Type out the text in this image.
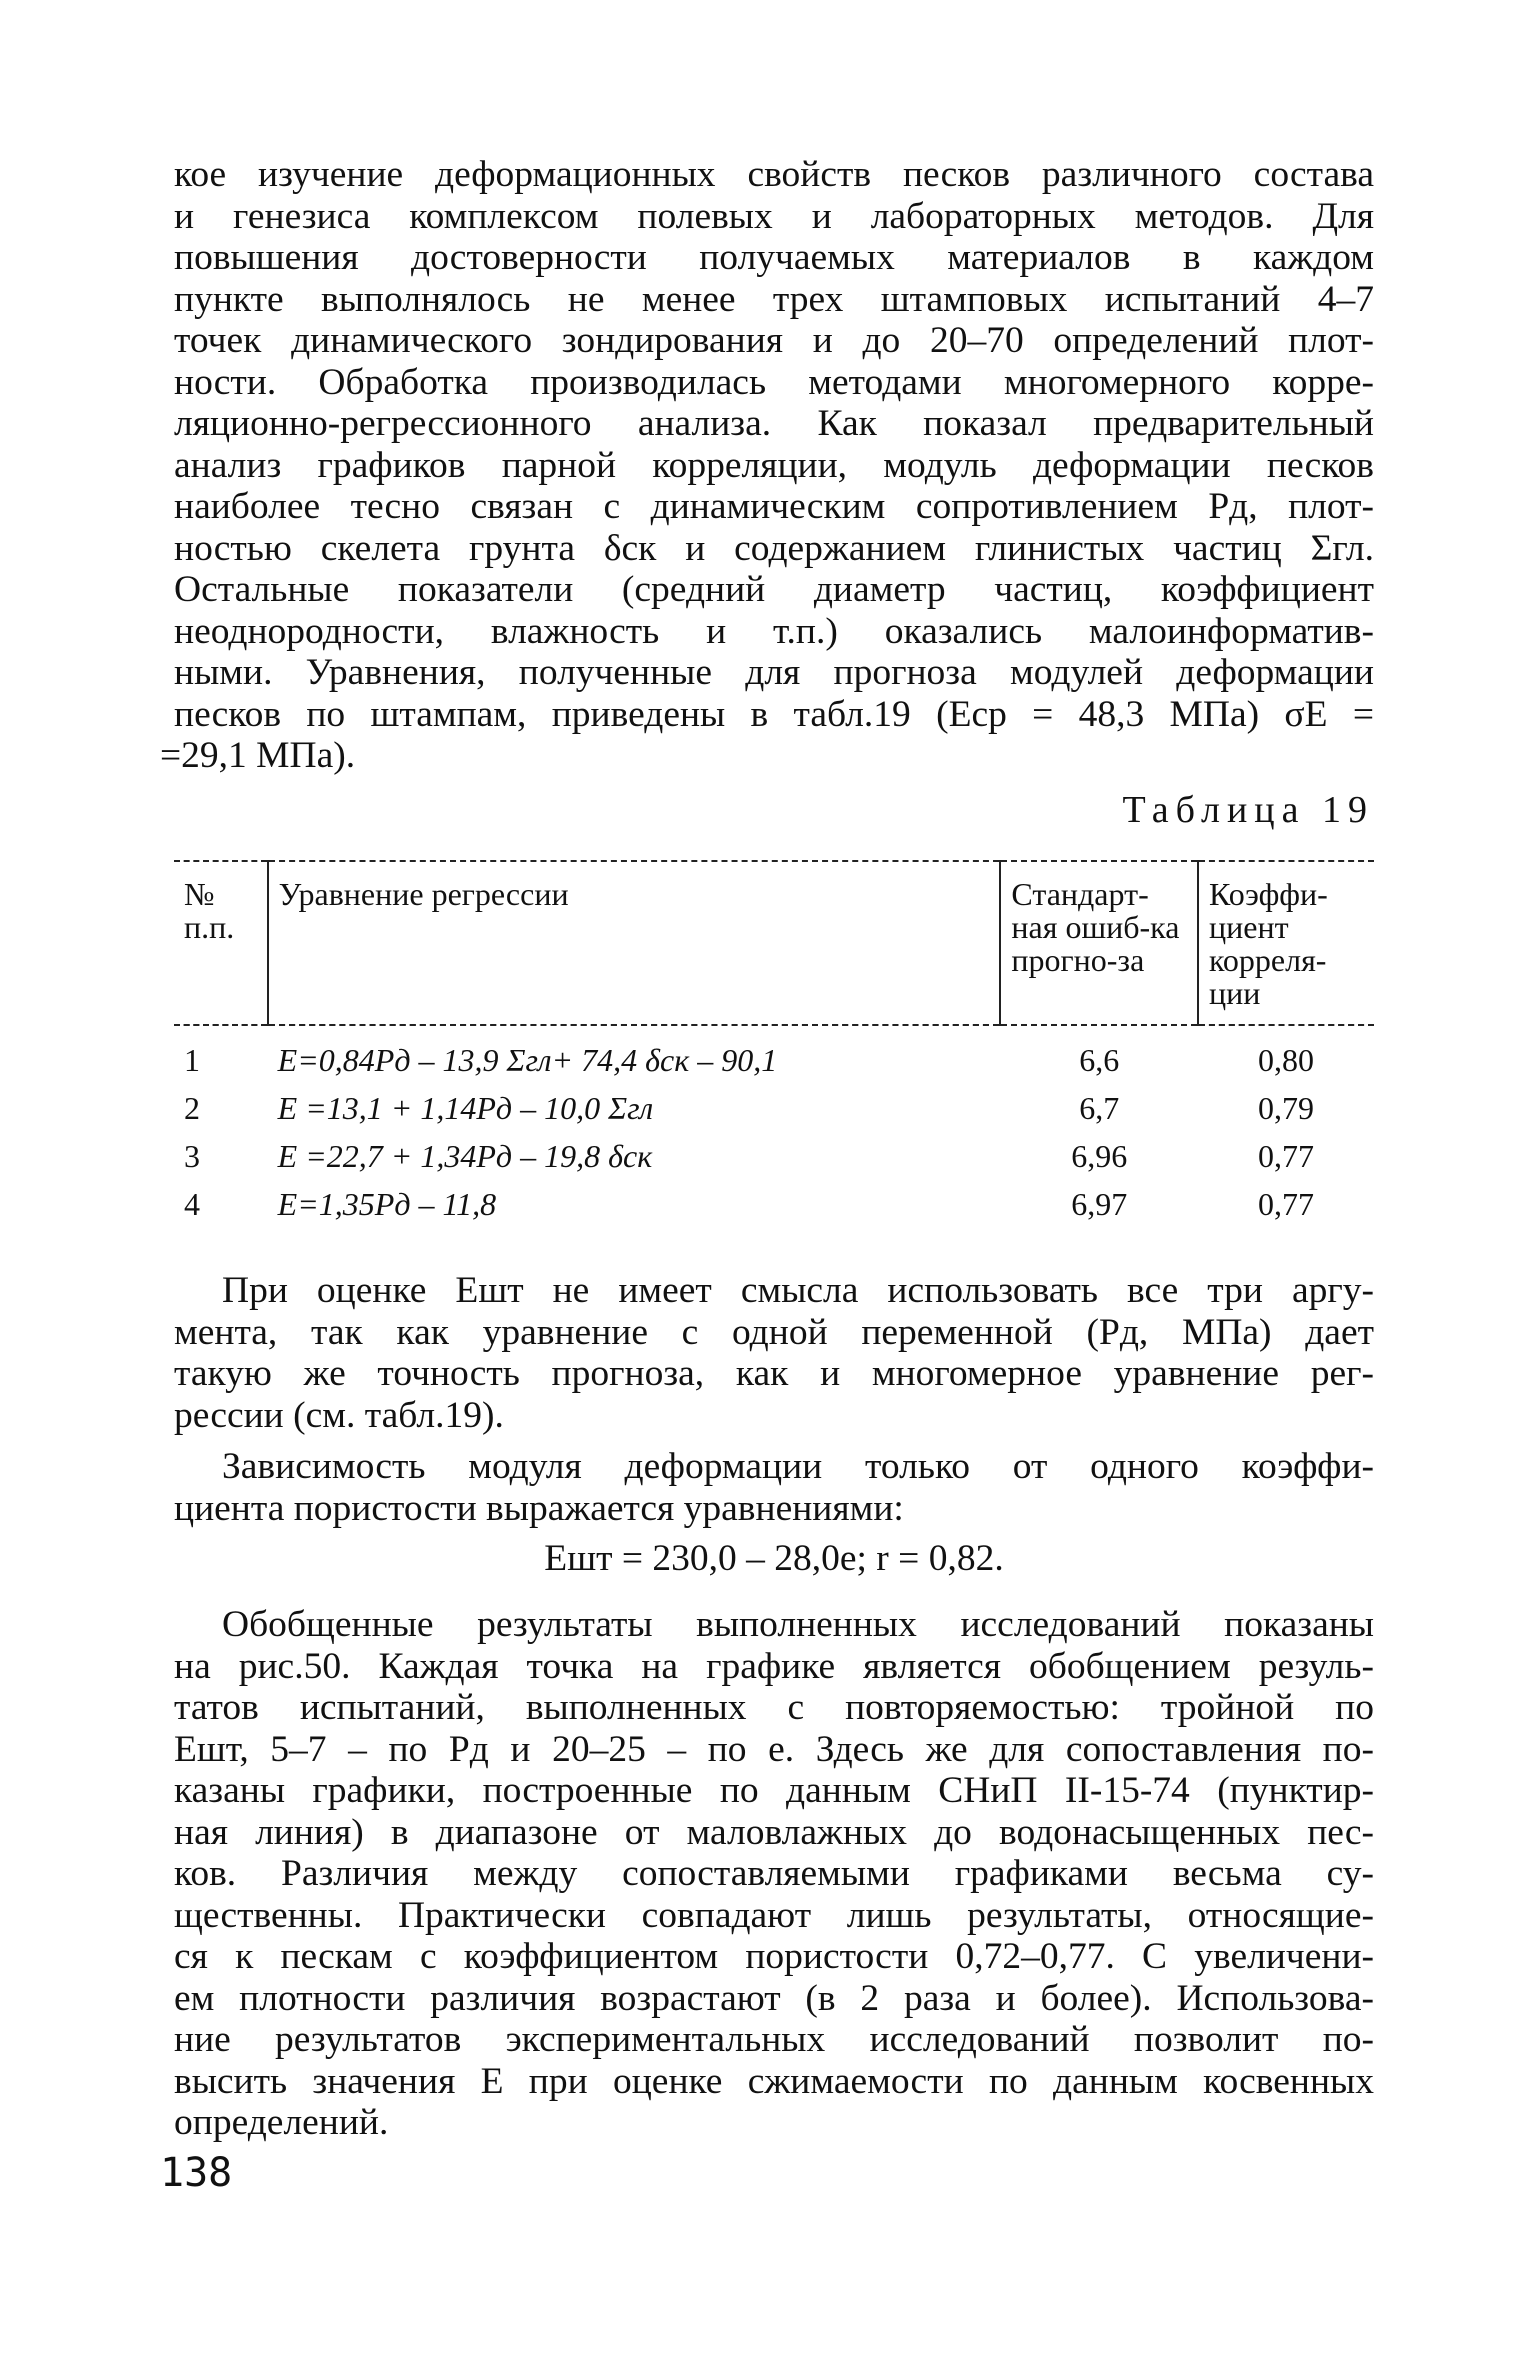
кое изучение деформационных свойств песков различного состава
и генезиса комплексом полевых и лабораторных методов. Для
повышения достоверности получаемых материалов в каждом
пункте выполнялось не менее трех штамповых испытаний 4–7
точек динамического зондирования и до 20–70 определений плот-
ности. Обработка производилась методами многомерного корре-
ляционно-регрессионного анализа. Как показал предварительный
анализ графиков парной корреляции, модуль деформации песков
наиболее тесно связан с динамическим сопротивлением Pд, плот-
ностью скелета грунта δск и содержанием глинистых частиц Σгл.
Остальные показатели (средний диаметр частиц, коэффициент
неоднородности, влажность и т.п.) оказались малоинформатив-
ными. Уравнения, полученные для прогноза модулей деформации
песков по штампам, приведены в табл.19 (Eср = 48,3 МПа) σE =
=29,1 МПа).
Таблица 19
№ п.п.	Уравнение регрессии	Стандарт-ная ошиб-ка прогно-за	Коэффи-циент корреля-ции
1	E=0,84Pд – 13,9 Σгл+ 74,4 δск – 90,1	6,6	0,80
2	E =13,1 + 1,14Pд – 10,0 Σгл	6,7	0,79
3	E =22,7 + 1,34Pд – 19,8 δск	6,96	0,77
4	E=1,35Pд – 11,8	6,97	0,77
При оценке Eшт не имеет смысла использовать все три аргу-
мента, так как уравнение с одной переменной (Pд, МПа) дает
такую же точность прогноза, как и многомерное уравнение рег-
рессии (см. табл.19).
Зависимость модуля деформации только от одного коэффи-
циента пористости выражается уравнениями:
Eшт = 230,0 – 28,0e; r = 0,82.
Обобщенные результаты выполненных исследований показаны
на рис.50. Каждая точка на графике является обобщением резуль-
татов испытаний, выполненных с повторяемостью: тройной по
Eшт, 5–7 – по Pд и 20–25 – по e. Здесь же для сопоставления по-
казаны графики, построенные по данным СНиП II-15-74 (пунктир-
ная линия) в диапазоне от маловлажных до водонасыщенных пес-
ков. Различия между сопоставляемыми графиками весьма су-
щественны. Практически совпадают лишь результаты, относящие-
ся к пескам с коэффициентом пористости 0,72–0,77. С увеличени-
ем плотности различия возрастают (в 2 раза и более). Использова-
ние результатов экспериментальных исследований позволит по-
высить значения E при оценке сжимаемости по данным косвенных
определений.
138
